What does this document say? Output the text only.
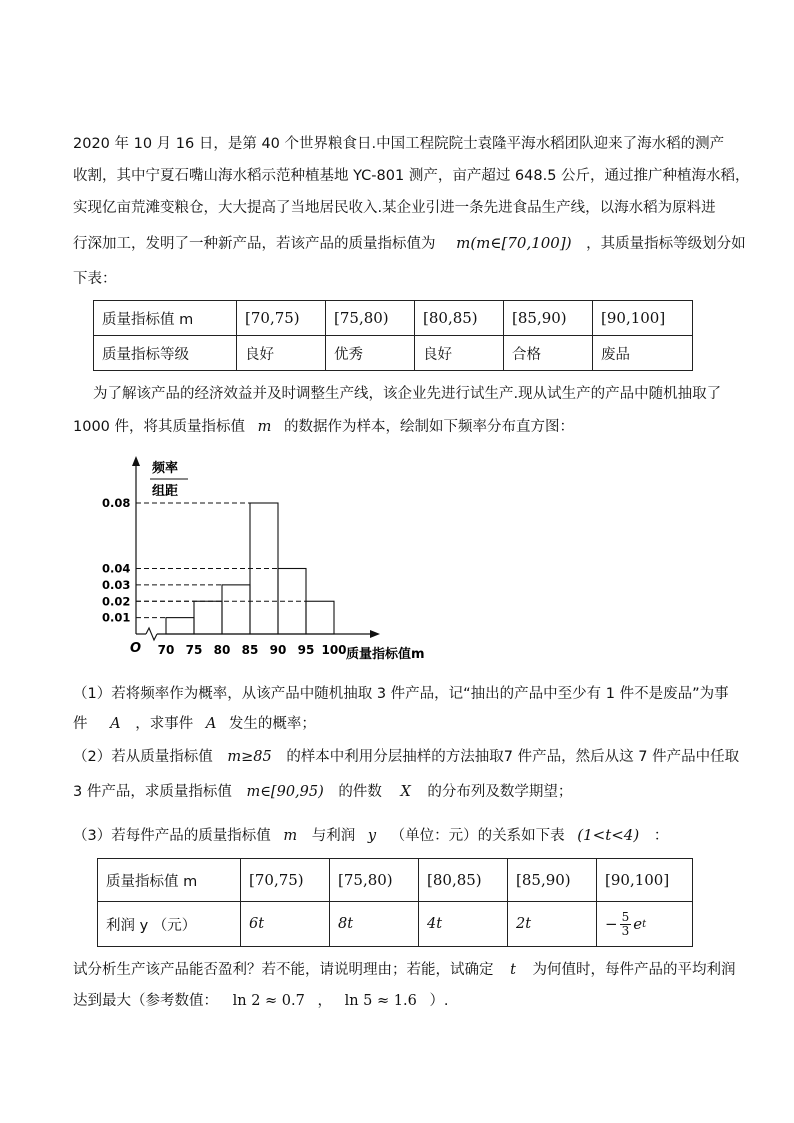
2020 年 10 月 16 日，是第 40 个世界粮食日.中国工程院院士袁隆平海水稻团队迎来了海水稻的测产
收割，其中宁夏石嘴山海水稻示范种植基地 YC-801 测产，亩产超过 648.5 公斤，通过推广种植海水稻，
实现亿亩荒滩变粮仓，大大提高了当地居民收入.某企业引进一条先进食品生产线，以海水稻为原料进
行深加工，发明了一种新产品，若该产品的质量指标值为 m(m∈[70,100]) ，其质量指标等级划分如
下表：
质量指标值 m	[70,75)	[75,80)	[80,85)	[85,90)	[90,100]
质量指标等级	良好	优秀	良好	合格	废品
为了解该产品的经济效益并及时调整生产线，该企业先进行试生产.现从试生产的产品中随机抽取了
1000 件，将其质量指标值 m 的数据作为样本，绘制如下频率分布直方图：
频率
组距
O	质量指标值m
0.01
0.02
0.03
0.04
0.08
70 75 80 85 90 95 100
（1）若将频率作为概率，从该产品中随机抽取 3 件产品，记“抽出的产品中至少有 1 件不是废品”为事
件 A ，求事件 A 发生的概率；
（2）若从质量指标值 m≥85 的样本中利用分层抽样的方法抽取7 件产品，然后从这 7 件产品中任取
3 件产品，求质量指标值 m∈[90,95) 的件数 X 的分布列及数学期望；
（3）若每件产品的质量指标值 m 与利润 y （单位：元）的关系如下表 (1<t<4) ：
质量指标值 m	[70,75)	[75,80)	[80,85)	[85,90)	[90,100]
利润 y （元）	6t	8t	4t	2t	− $\frac{5}{3}$ e t
试分析生产该产品能否盈利？若不能，请说明理由；若能，试确定 t 为何值时，每件产品的平均利润
达到最大（参考数值： ln 2 ≈ 0.7 ， ln 5 ≈ 1.6 ）.
